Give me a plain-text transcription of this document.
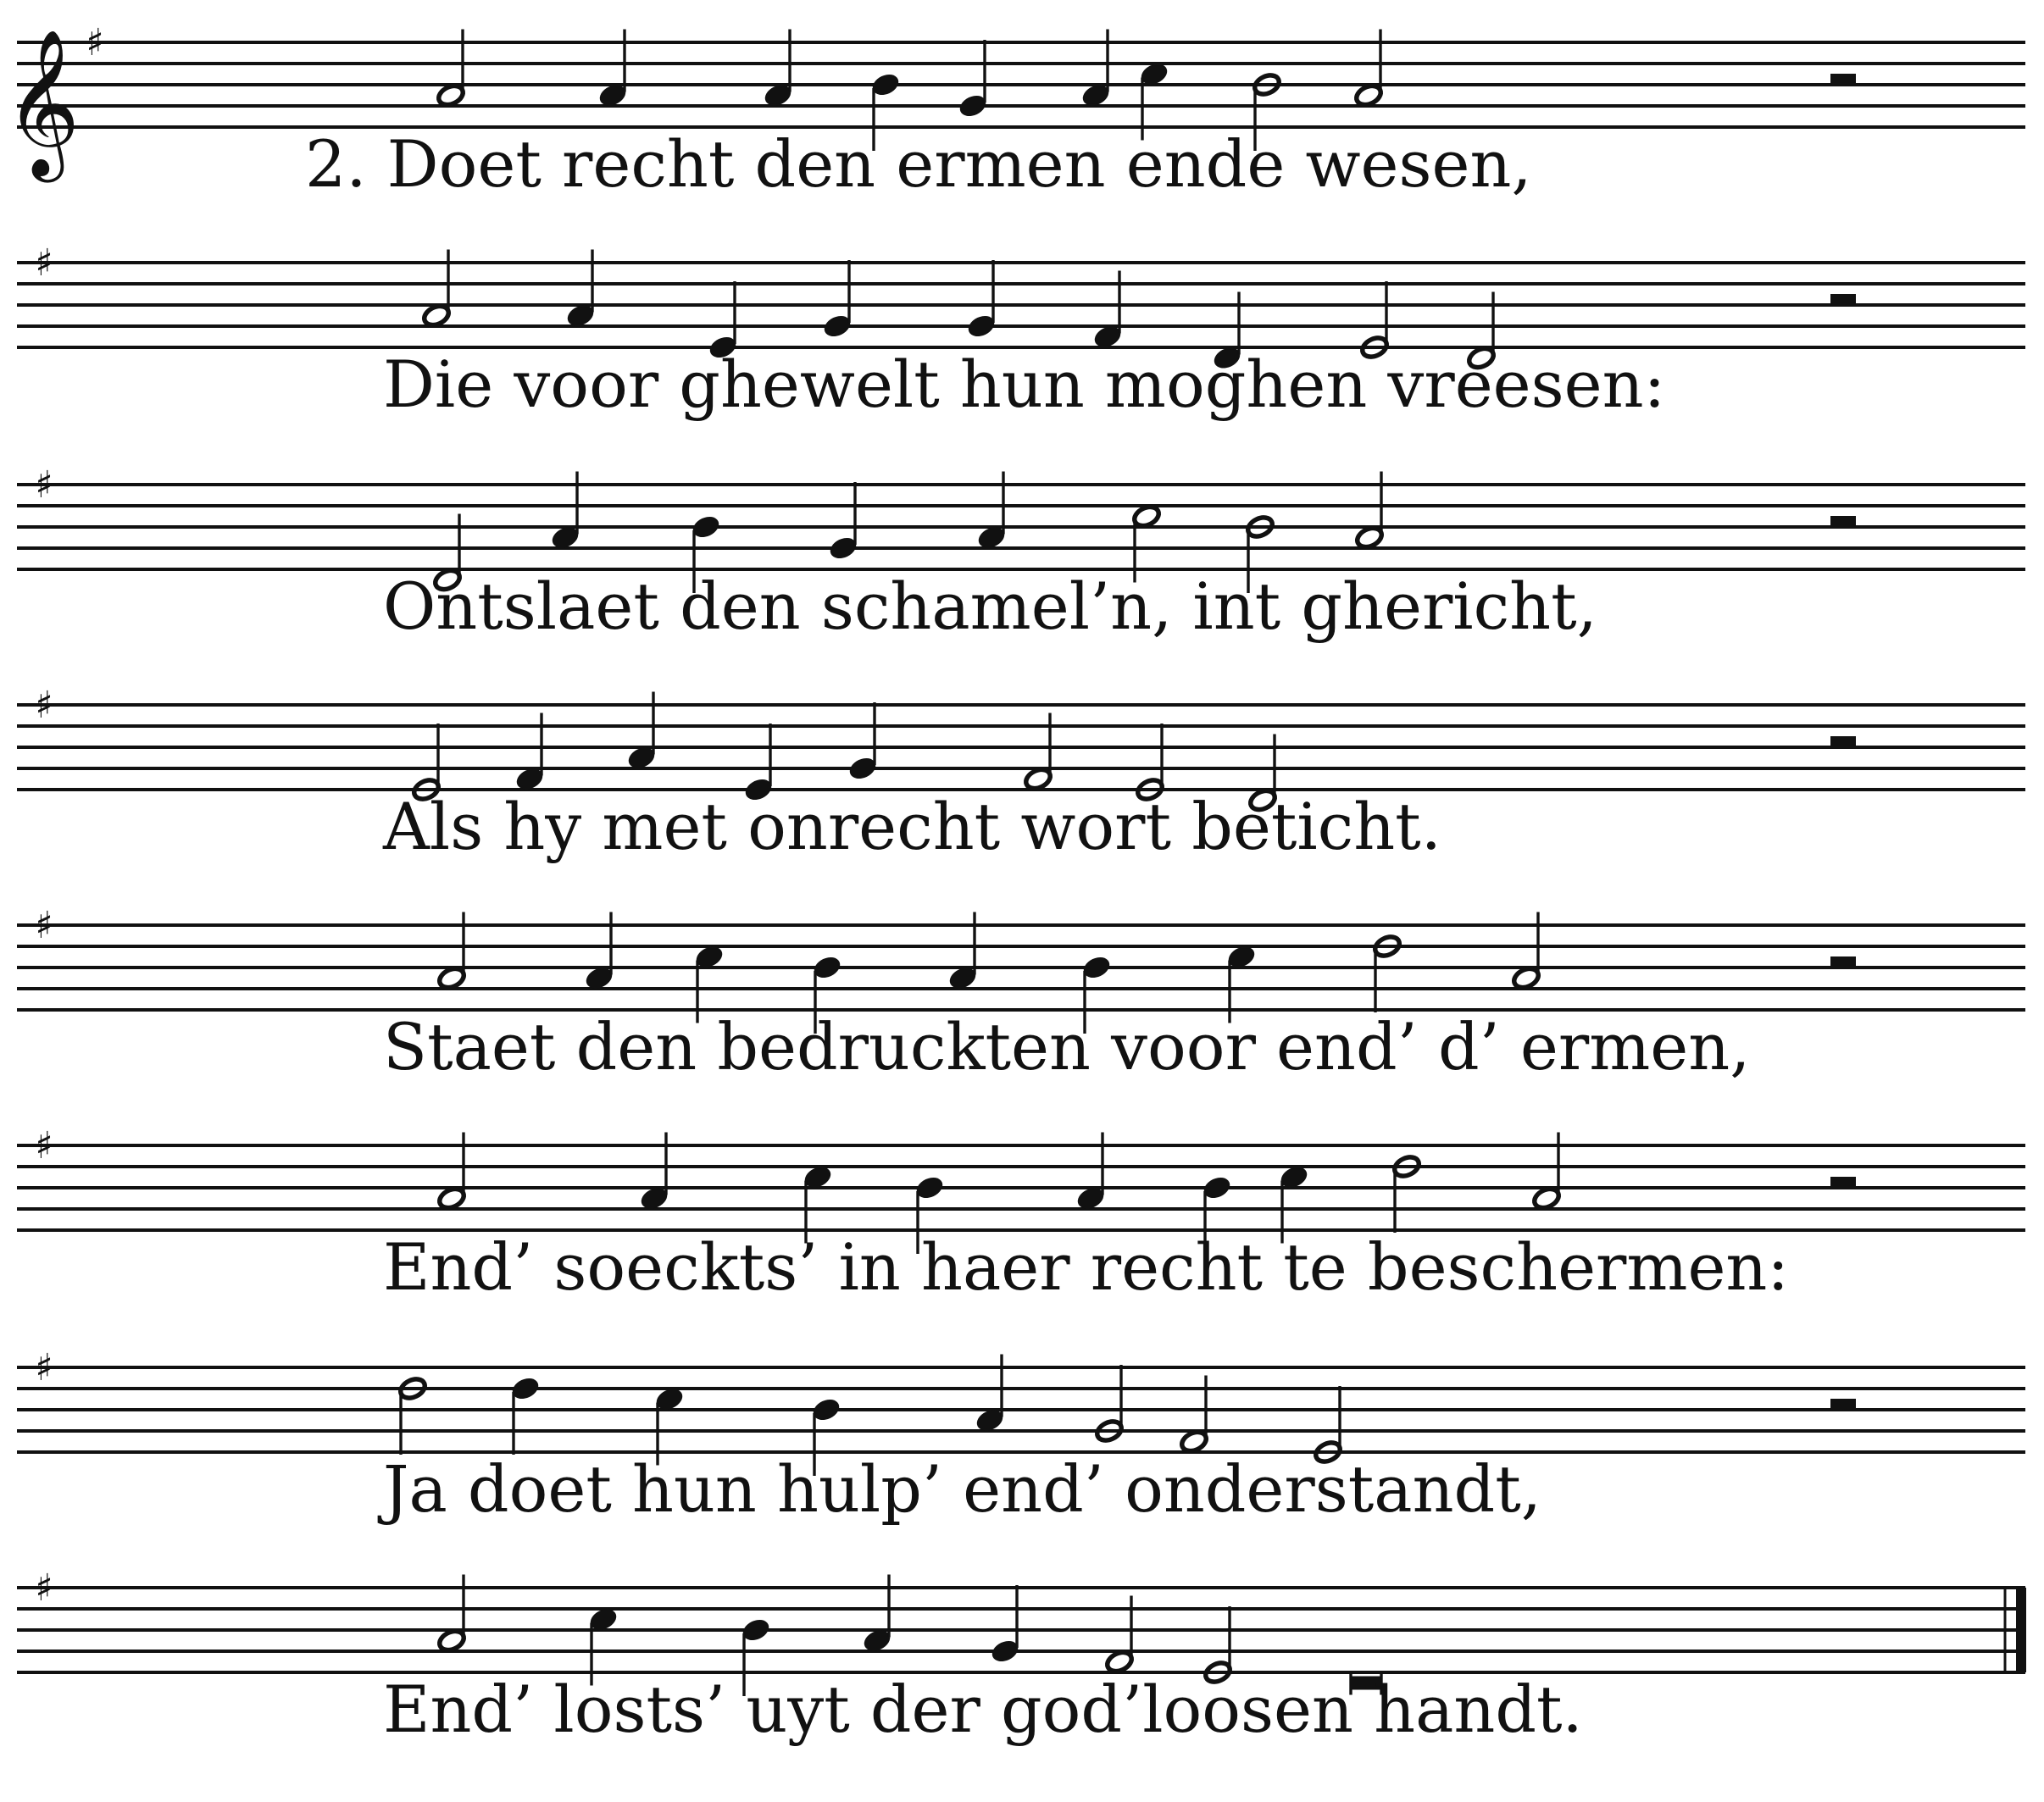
𝄞 ♯
2. Doet recht den ermen ende wesen,
♯
Die voor ghewelt hun moghen vreesen:
♯
Ontslaet den schamel’n, int ghericht,
♯
Als hy met onrecht wort beticht.
♯
Staet den bedruckten voor end’ d’ ermen,
♯
End’ soeckts’ in haer recht te beschermen:
♯
Ja doet hun hulp’ end’ onderstandt,
♯
End’ losts’ uyt der god’loosen handt.
